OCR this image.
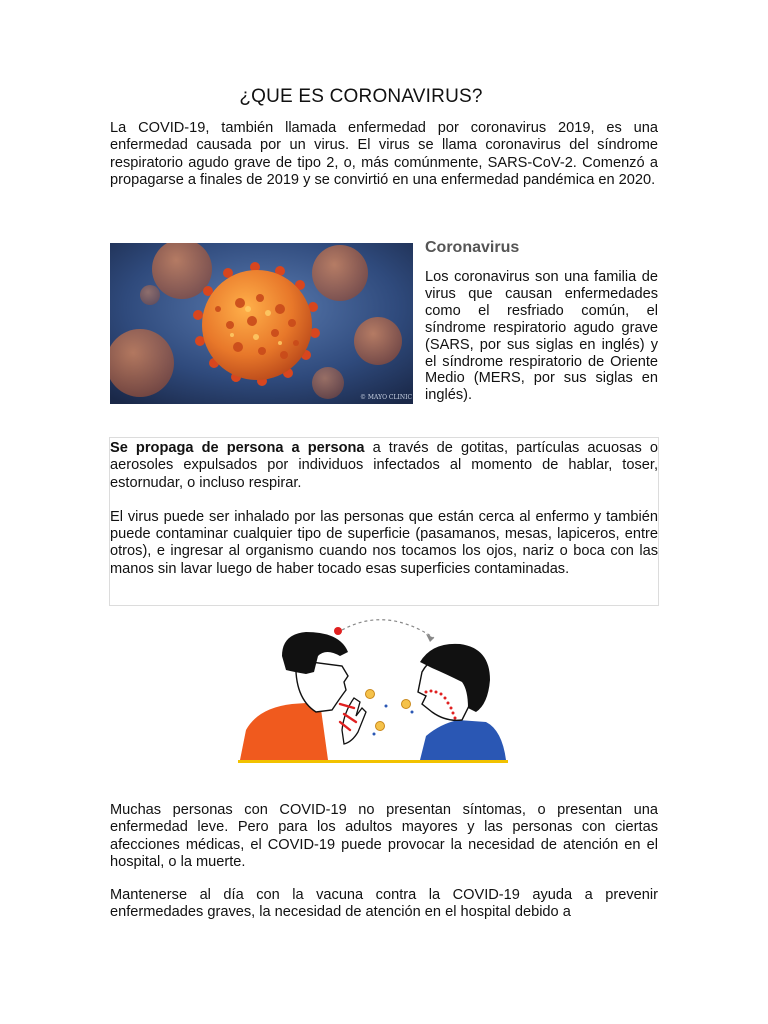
¿QUE ES CORONAVIRUS?
La COVID-19, también llamada enfermedad por coronavirus 2019, es una enfermedad causada por un virus. El virus se llama coronavirus del síndrome respiratorio agudo grave de tipo 2, o, más comúnmente, SARS-CoV-2. Comenzó a propagarse a finales de 2019 y se convirtió en una enfermedad pandémica en 2020.
© MAYO CLINIC
Coronavirus
Los coronavirus son una familia de virus que causan enfermedades como el resfriado común, el síndrome respiratorio agudo grave (SARS, por sus siglas en inglés) y el síndrome respiratorio de Oriente Medio (MERS, por sus siglas en inglés).
Se propaga de persona a persona a través de gotitas, partículas acuosas o aerosoles expulsados por individuos infectados al momento de hablar, toser, estornudar, o incluso respirar.
El virus puede ser inhalado por las personas que están cerca al enfermo y también puede contaminar cualquier tipo de superficie (pasamanos, mesas, lapiceros, entre otros), e ingresar al organismo cuando nos tocamos los ojos, nariz o boca con las manos sin lavar luego de haber tocado esas superficies contaminadas.
Muchas personas con COVID-19 no presentan síntomas, o presentan una enfermedad leve. Pero para los adultos mayores y las personas con ciertas afecciones médicas, el COVID-19 puede provocar la necesidad de atención en el hospital, o la muerte.
Mantenerse al día con la vacuna contra la COVID-19 ayuda a prevenir enfermedades graves, la necesidad de atención en el hospital debido a
